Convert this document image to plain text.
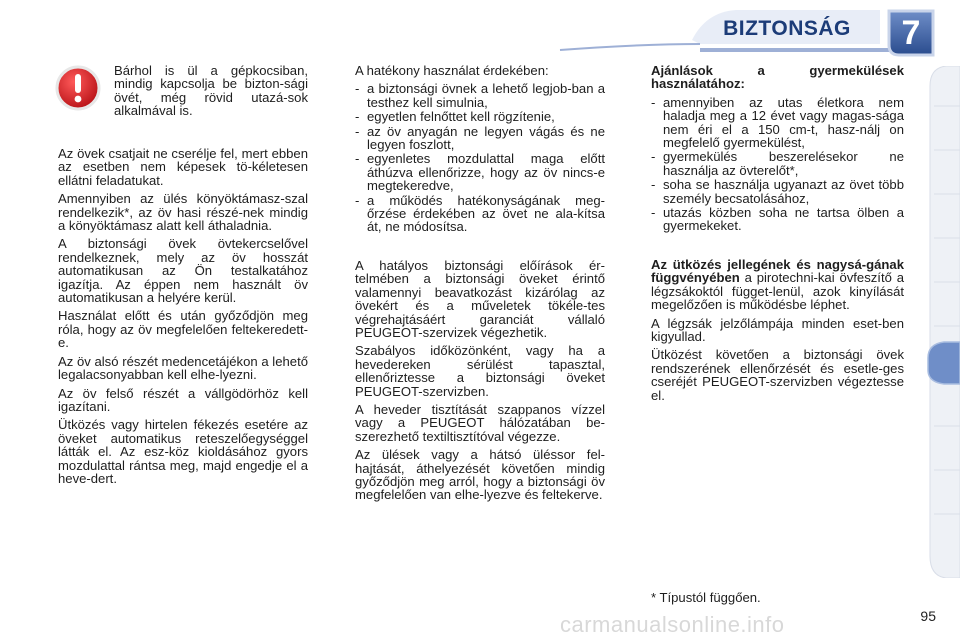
BIZTONSÁG	7
Bárhol is ül a gépkocsiban, mindig kapcsolja be bizton-sági övét, még rövid utazá-sok alkalmával is.

Az övek csatjait ne cserélje fel, mert ebben az esetben nem képesek tö-kéletesen ellátni feladatukat.

Amennyiben az ülés könyöktámasz-szal rendelkezik*, az öv hasi részé-nek mindig a könyöktámasz alatt kell áthaladnia.

A biztonsági övek övtekercselővel rendelkeznek, mely az öv hosszát automatikusan az Ön testalkatához igazítja. Az éppen nem használt öv automatikusan a helyére kerül.

Használat előtt és után győződjön meg róla, hogy az öv megfelelően feltekeredett-e.

Az öv alsó részét medencetájékon a lehető legalacsonyabban kell elhe-lyezni.

Az öv felső részét a vállgödörhöz kell igazítani.

Ütközés vagy hirtelen fékezés esetére az öveket automatikus reteszelőegységgel látták el. Az esz-köz kioldásához gyors mozdulattal rántsa meg, majd engedje el a heve-dert.

A hatékony használat érdekében:

- a biztonsági övnek a lehető legjob-ban a testhez kell simulnia,
- egyetlen felnőttet kell rögzítenie,
- az öv anyagán ne legyen vágás és ne legyen foszlott,
- egyenletes mozdulattal maga előtt áthúzva ellenőrizze, hogy az öv nincs-e megtekeredve,
- a működés hatékonyságának meg-őrzése érdekében az övet ne ala-kítsa át, ne módosítsa.

A hatályos biztonsági előírások ér-telmében a biztonsági öveket érintő valamennyi beavatkozást kizárólag az övekért és a műveletek tökéle-tes végrehajtásáért garanciát vállaló PEUGEOT-szervizek végezhetik.

Szabályos időközönként, vagy ha a hevedereken sérülést tapasztal, ellenőriztesse a biztonsági öveket PEUGEOT-szervizben.

A heveder tisztítását szappanos vízzel vagy a PEUGEOT hálózatában be-szerezhető textiltisztítóval végezze.

Az ülések vagy a hátsó üléssor fel-hajtását, áthelyezését követően mindig győződjön meg arról, hogy a biztonsági öv megfelelően van elhe-lyezve és feltekerve.

Ajánlások a gyermekülések használatához:

- amennyiben az utas életkora nem haladja meg a 12 évet vagy magas-sága nem éri el a 150 cm-t, hasz-nálj on megfelelő gyermekülést,
- gyermekülés beszerelésekor ne használja az övterelőt*,
- soha se használja ugyanazt az övet több személy becsatolásához,
- utazás közben soha ne tartsa ölben a gyermekeket.

Az ütközés jellegének és nagysá-gának függvényében a pirotechni-kai övfeszítő a légzsákoktól függet-lenül, azok kinyílását megelőzően is működésbe léphet.

A légzsák jelzőlámpája minden eset-ben kigyullad.

Ütközést követően a biztonsági övek rendszerének ellenőrzését és esetle-ges cseréjét PEUGEOT-szervizben végeztesse el.

* Típustól függően.
carmanualsonline.info	95
